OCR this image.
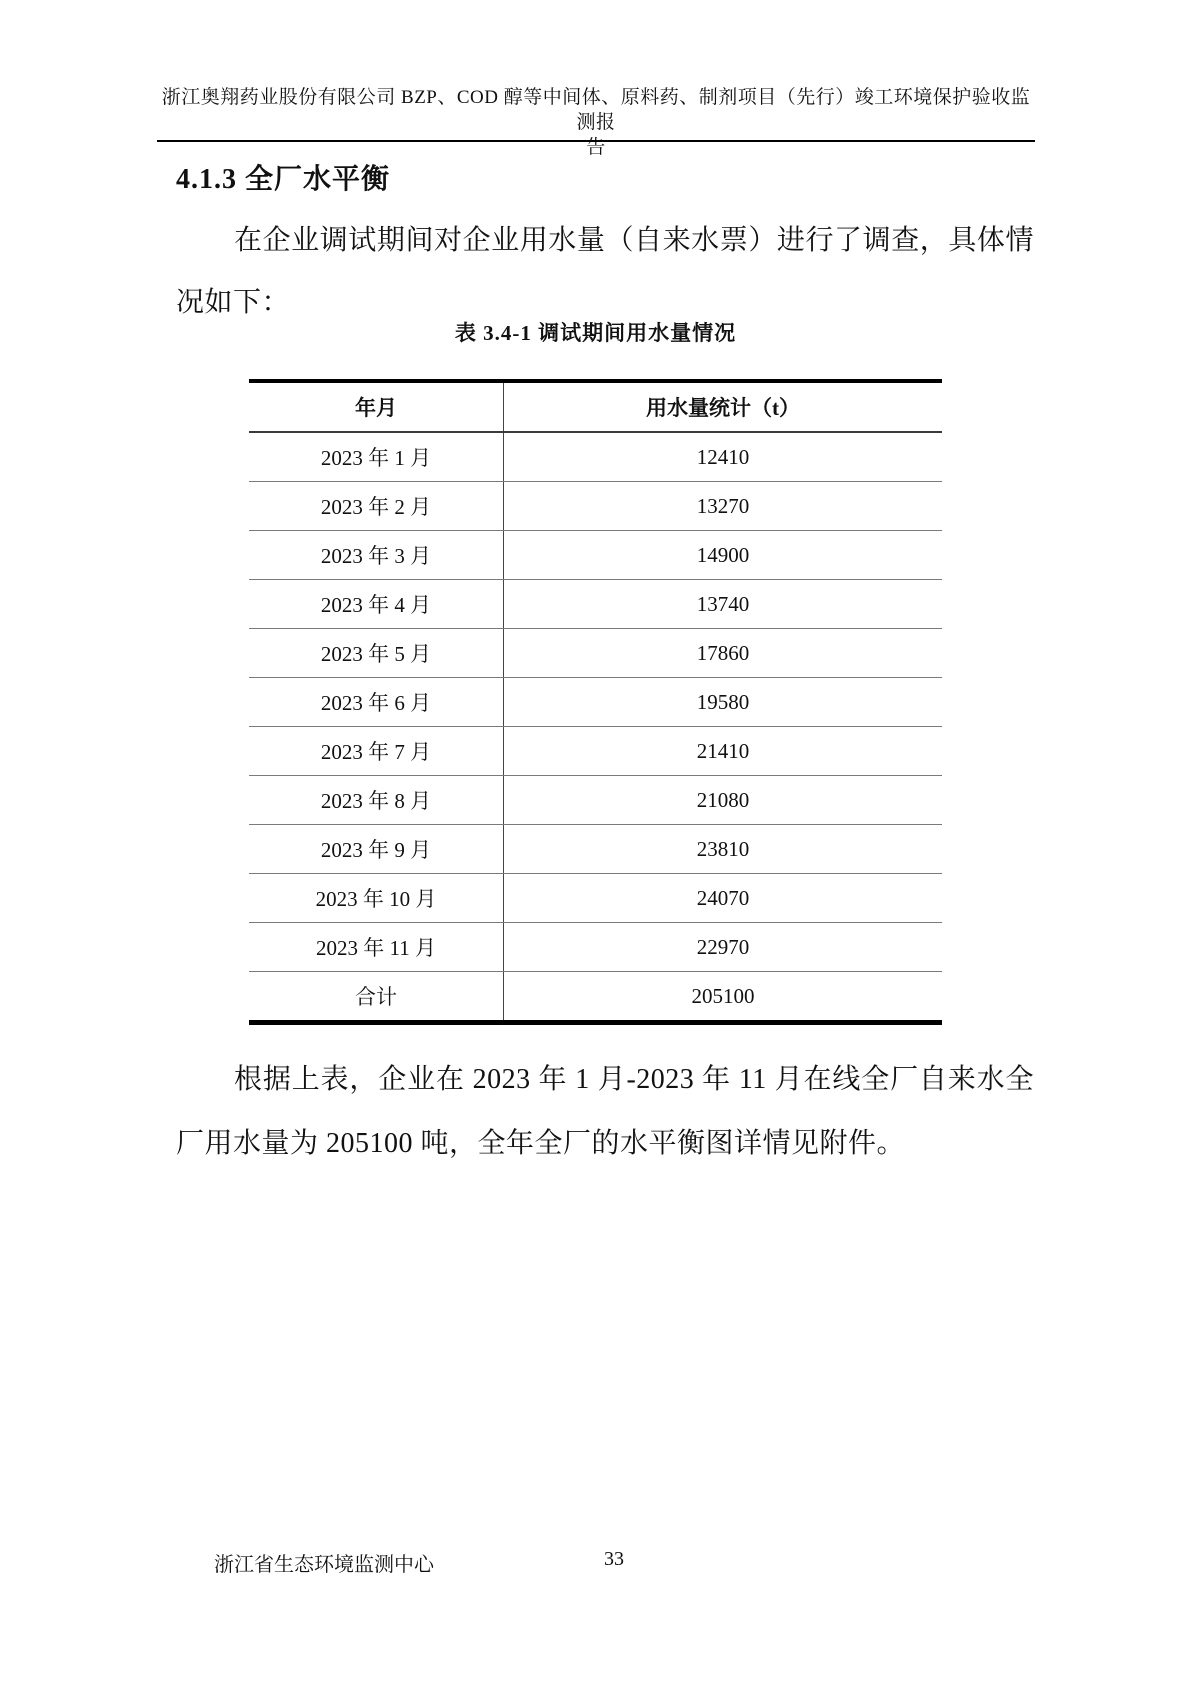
浙江奥翔药业股份有限公司 BZP、COD 醇等中间体、原料药、制剂项目（先行）竣工环境保护验收监测报
告
4.1.3 全厂水平衡

在企业调试期间对企业用水量（自来水票）进行了调查，具体情况如下：

表 3.4-1 调试期间用水量情况
年月	用水量统计（t）
2023 年 1 月	12410
2023 年 2 月	13270
2023 年 3 月	14900
2023 年 4 月	13740
2023 年 5 月	17860
2023 年 6 月	19580
2023 年 7 月	21410
2023 年 8 月	21080
2023 年 9 月	23810
2023 年 10 月	24070
2023 年 11 月	22970
合计	205100

根据上表，企业在 2023 年 1 月-2023 年 11 月在线全厂自来水全厂用水量为 205100 吨，全年全厂的水平衡图详情见附件。

浙江省生态环境监测中心	33
